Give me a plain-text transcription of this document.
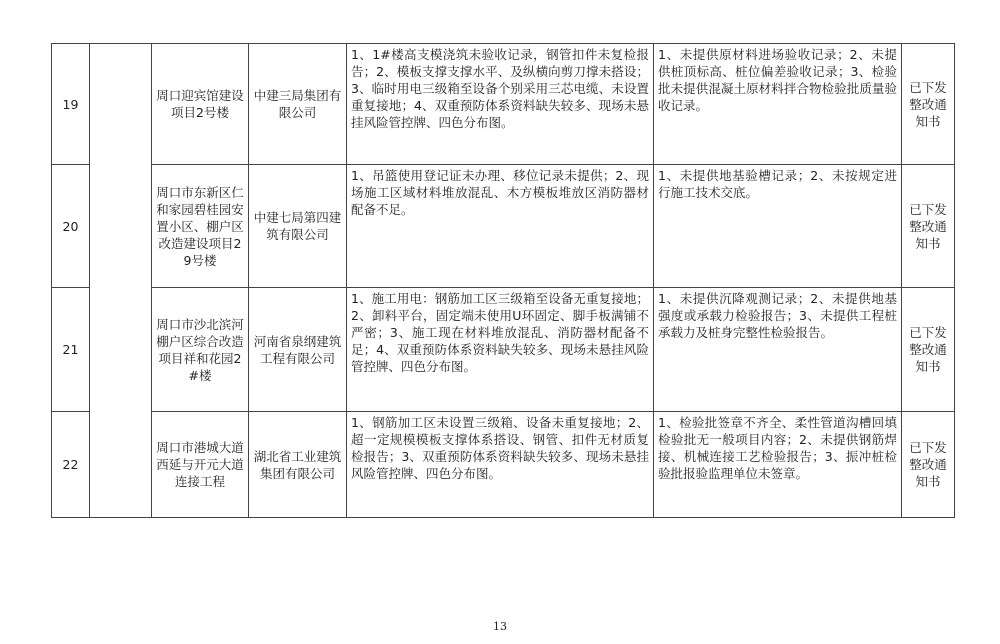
19		周口迎宾馆建设项目2号楼	中建三局集团有限公司	1、1#楼高支模浇筑未验收记录，钢管扣件未复检报告；2、模板支撑支撑水平、及纵横向剪刀撑未搭设；3、临时用电三级箱至设备个别采用三芯电缆、未设置重复接地；4、双重预防体系资料缺失较多、现场未悬挂风险管控牌、四色分布图。	1、未提供原材料进场验收记录；2、未提供桩顶标高、桩位偏差验收记录；3、检验批未提供混凝土原材料拌合物检验批质量验收记录。	已下发整改通知书
20		周口市东新区仁和家园碧桂园安置小区、棚户区改造建设项目29号楼	中建七局第四建筑有限公司	1、吊篮使用登记证未办理、移位记录未提供；2、现场施工区域材料堆放混乱、木方模板堆放区消防器材配备不足。	1、未提供地基验槽记录；2、未按规定进行施工技术交底。	已下发整改通知书
21		周口市沙北滨河棚户区综合改造项目祥和花园2#楼	河南省泉纲建筑工程有限公司	1、施工用电：钢筋加工区三级箱至设备无重复接地；2、卸料平台，固定端未使用U环固定、脚手板满铺不严密；3、施工现在材料堆放混乱、消防器材配备不足；4、双重预防体系资料缺失较多、现场未悬挂风险管控牌、四色分布图。	1、未提供沉降观测记录；2、未提供地基强度或承载力检验报告；3、未提供工程桩承载力及桩身完整性检验报告。	已下发整改通知书
22		周口市港城大道西延与开元大道连接工程	湖北省工业建筑集团有限公司	1、钢筋加工区未设置三级箱、设备未重复接地；2、超一定规模模板支撑体系搭设、钢管、扣件无材质复检报告；3、双重预防体系资料缺失较多、现场未悬挂风险管控牌、四色分布图。	1、检验批签章不齐全、柔性管道沟槽回填检验批无一般项目内容；2、未提供钢筋焊接、机械连接工艺检验报告；3、振冲桩检验批报验监理单位未签章。	已下发整改通知书
13
